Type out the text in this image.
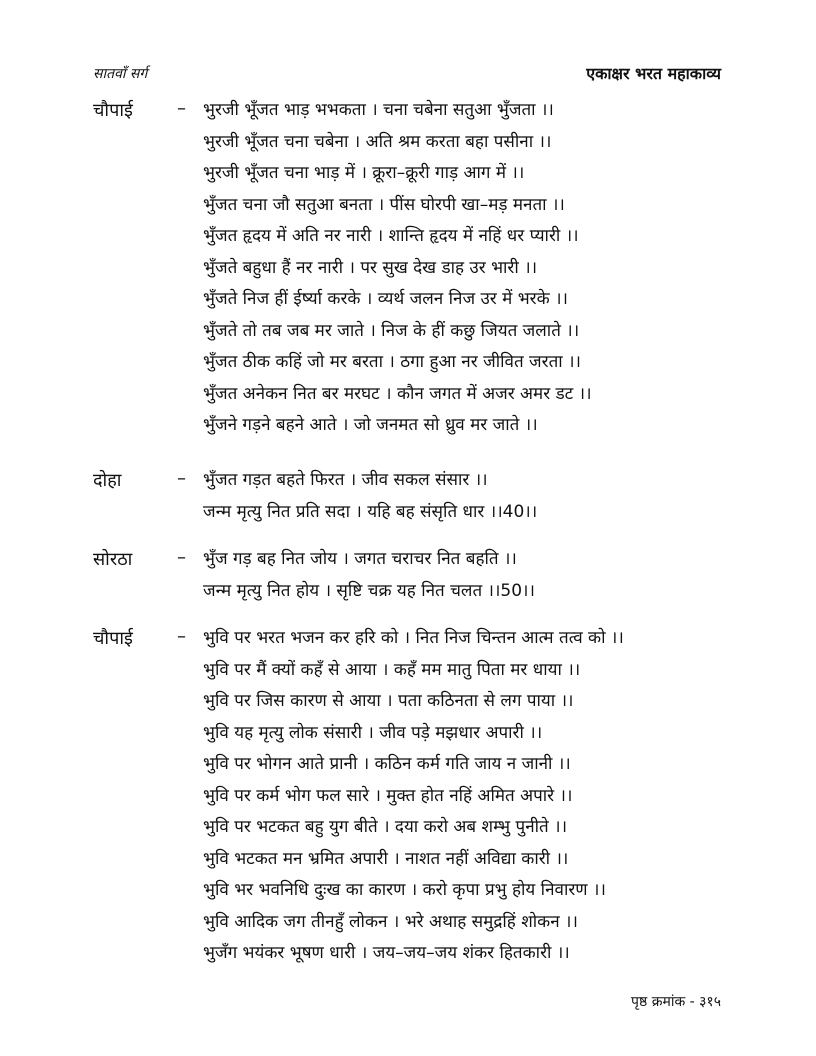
सातवाँ सर्ग	एकाक्षर भरत महाकाव्य
चौपाई – भुरजी भूँजत भाड़ भभकता । चना चबेना सतुआ भुँजता ।।
भुरजी भूँजत चना चबेना । अति श्रम करता बहा पसीना ।।
भुरजी भूँजत चना भाड़ में । क्रूरा–क्रूरी गाड़ आग में ।।
भुँजत चना जौ सतुआ बनता । पींस घोरपी खा–मड़ मनता ।।
भुँजत हृदय में अति नर नारी । शान्ति हृदय में नहिं धर प्यारी ।।
भुँजते बहुधा हैं नर नारी । पर सुख देख डाह उर भारी ।।
भुँजते निज हीं ईर्ष्या करके । व्यर्थ जलन निज उर में भरके ।।
भुँजते तो तब जब मर जाते । निज के हीं कछु जियत जलाते ।।
भुँजत ठीक कहिं जो मर बरता । ठगा हुआ नर जीवित जरता ।।
भुँजत अनेकन नित बर मरघट । कौन जगत में अजर अमर डट ।।
भुँजने गड़ने बहने आते । जो जनमत सो ध्रुव मर जाते ।।
दोहा	– भुँजत गड़त बहते फिरत । जीव सकल संसार ।।
जन्म मृत्यु नित प्रति सदा । यहि बह संसृति धार ।।40।।
सोरठा – भुँज गड़ बह नित जोय । जगत चराचर नित बहति ।।
जन्म मृत्यु नित होय । सृष्टि चक्र यह नित चलत ।।50।।
चौपाई – भुवि पर भरत भजन कर हरि को । नित निज चिन्तन आत्म तत्व को ।।
भुवि पर मैं क्यों कहँ से आया । कहँ मम मातु पिता मर धाया ।।
भुवि पर जिस कारण से आया । पता कठिनता से लग पाया ।।
भुवि यह मृत्यु लोक संसारी । जीव पड़े मझधार अपारी ।।
भुवि पर भोगन आते प्रानी । कठिन कर्म गति जाय न जानी ।।
भुवि पर कर्म भोग फल सारे । मुक्त होत नहिं अमित अपारे ।।
भुवि पर भटकत बहु युग बीते । दया करो अब शम्भु पुनीते ।।
भुवि भटकत मन भ्रमित अपारी । नाशत नहीं अविद्या कारी ।।
भुवि भर भवनिधि दुःख का कारण । करो कृपा प्रभु होय निवारण ।।
भुवि आदिक जग तीनहुँ लोकन । भरे अथाह समुद्रहिं शोकन ।।
भुजँग भयंकर भूषण धारी । जय–जय–जय शंकर हितकारी ।।
पृष्ठ क्रमांक - ३१५
